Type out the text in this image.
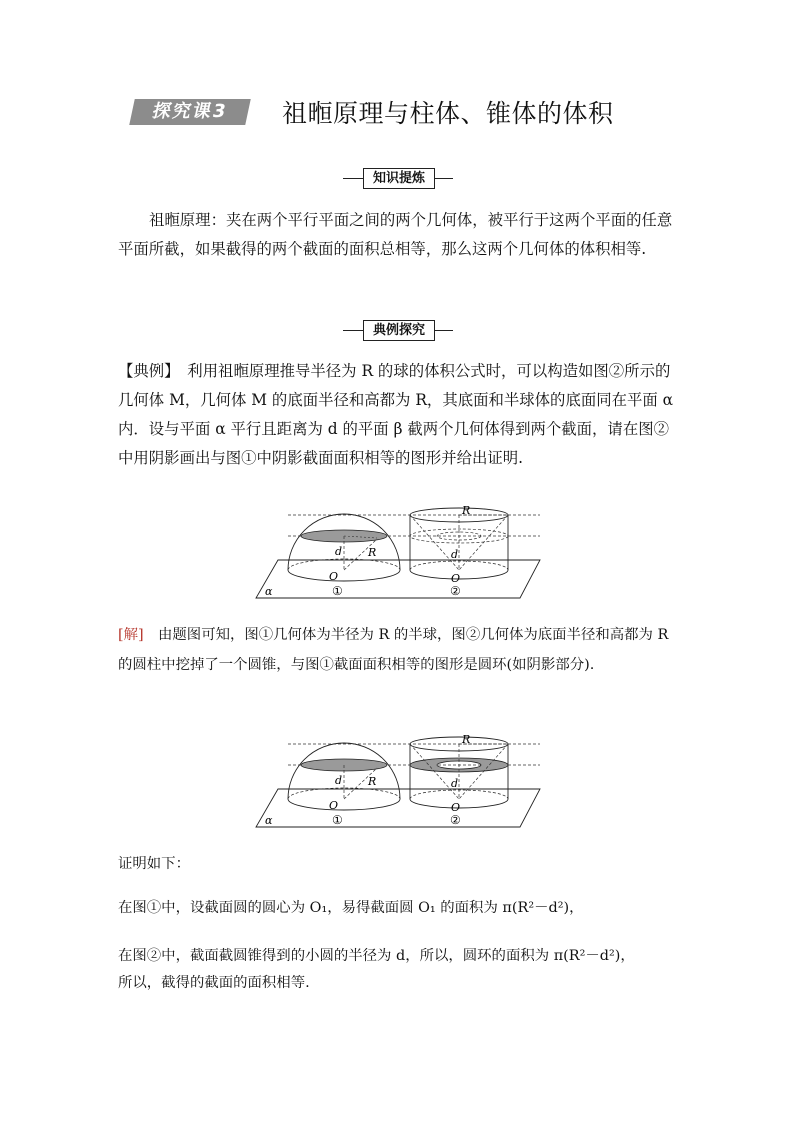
探究课3	祖暅原理与柱体、锥体的体积
知识提炼

祖暅原理：夹在两个平行平面之间的两个几何体，被平行于这两个平面的任意平面所截，如果截得的两个截面的面积总相等，那么这两个几何体的体积相等.

典例探究

【典例】　利用祖暅原理推导半径为 R 的球的体积公式时，可以构造如图②所示的几何体 M，几何体 M 的底面半径和高都为 R，其底面和半球体的底面同在平面 α 内．设与平面 α 平行且距离为 d 的平面 β 截两个几何体得到两个截面，请在图②中用阴影画出与图①中阴影截面面积相等的图形并给出证明.

d R
O
R
d
O
α	①	②

[解]　由题图可知，图①几何体为半径为 R 的半球，图②几何体为底面半径和高都为 R 的圆柱中挖掉了一个圆锥，与图①截面面积相等的图形是圆环(如阴影部分).

d R
O
R
d
O
α	①	②
证明如下：
在图①中，设截面圆的圆心为 O₁，易得截面圆 O₁ 的面积为 π(R²－d²)，
在图②中，截面截圆锥得到的小圆的半径为 d，所以，圆环的面积为 π(R²－d²)，
所以，截得的截面的面积相等.
